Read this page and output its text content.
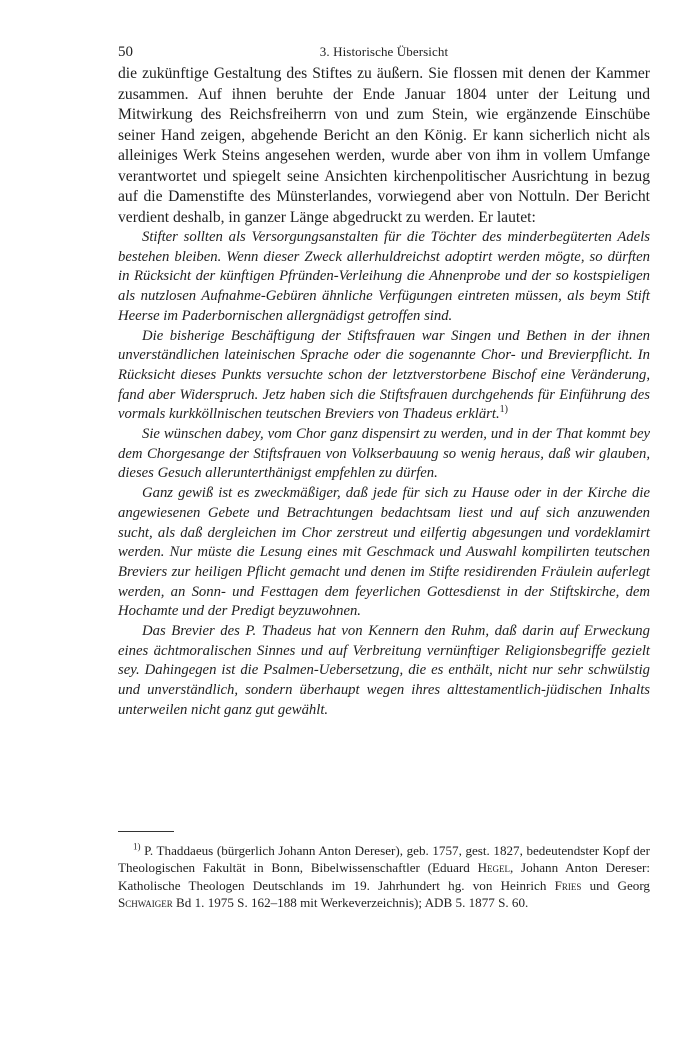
50	3. Historische Übersicht

die zukünftige Gestaltung des Stiftes zu äußern. Sie flossen mit denen der Kammer zusammen. Auf ihnen beruhte der Ende Januar 1804 unter der Leitung und Mitwirkung des Reichsfreiherrn von und zum Stein, wie ergänzende Einschübe seiner Hand zeigen, abgehende Bericht an den König. Er kann sicherlich nicht als alleiniges Werk Steins angesehen werden, wurde aber von ihm in vollem Umfange verantwortet und spiegelt seine Ansichten kirchenpolitischer Ausrichtung in bezug auf die Damenstifte des Münsterlandes, vorwiegend aber von Nottuln. Der Bericht verdient deshalb, in ganzer Länge abgedruckt zu werden. Er lautet:

Stifter sollten als Versorgungsanstalten für die Töchter des minderbegüterten Adels bestehen bleiben. Wenn dieser Zweck allerhuldreichst adoptirt werden mögte, so dürften in Rücksicht der künftigen Pfründen-Verleihung die Ahnenprobe und der so kostspieligen als nutzlosen Aufnahme-Gebüren ähnliche Verfügungen eintreten müssen, als beym Stift Heerse im Paderbornischen allergnädigst getroffen sind.

Die bisherige Beschäftigung der Stiftsfrauen war Singen und Bethen in der ihnen unverständlichen lateinischen Sprache oder die sogenannte Chor- und Brevierpflicht. In Rücksicht dieses Punkts versuchte schon der letztverstorbene Bischof eine Veränderung, fand aber Widerspruch. Jetz haben sich die Stiftsfrauen durchgehends für Einführung des vormals kurkköllnischen teutschen Breviers von Thadeus erklärt.$^{1)}$

Sie wünschen dabey, vom Chor ganz dispensirt zu werden, und in der That kommt bey dem Chorgesange der Stiftsfrauen von Volkserbauung so wenig heraus, daß wir glauben, dieses Gesuch allerunterthänigst empfehlen zu dürfen.

Ganz gewiß ist es zweckmäßiger, daß jede für sich zu Hause oder in der Kirche die angewiesenen Gebete und Betrachtungen bedachtsam liest und auf sich anzuwenden sucht, als daß dergleichen im Chor zerstreut und eilfertig abgesungen und vordeklamirt werden. Nur müste die Lesung eines mit Geschmack und Auswahl kompilirten teutschen Breviers zur heiligen Pflicht gemacht und denen im Stifte residirenden Fräulein auferlegt werden, an Sonn- und Festtagen dem feyerlichen Gottesdienst in der Stiftskirche, dem Hochamte und der Predigt beyzuwohnen.

Das Brevier des P. Thadeus hat von Kennern den Ruhm, daß darin auf Erweckung eines ächtmoralischen Sinnes und auf Verbreitung vernünftiger Religionsbegriffe gezielt sey. Dahingegen ist die Psalmen-Uebersetzung, die es enthält, nicht nur sehr schwülstig und unverständlich, sondern überhaupt wegen ihres alttestamentlich-jüdischen Inhalts unterweilen nicht ganz gut gewählt.

$^{1)}$ P. Thaddaeus (bürgerlich Johann Anton Dereser), geb. 1757, gest. 1827, bedeutendster Kopf der Theologischen Fakultät in Bonn, Bibelwissenschaftler (Eduard Hegel, Johann Anton Dereser: Katholische Theologen Deutschlands im 19. Jahrhundert hg. von Heinrich Fries und Georg Schwaiger Bd 1. 1975 S. 162–188 mit Werkeverzeichnis); ADB 5. 1877 S. 60.
